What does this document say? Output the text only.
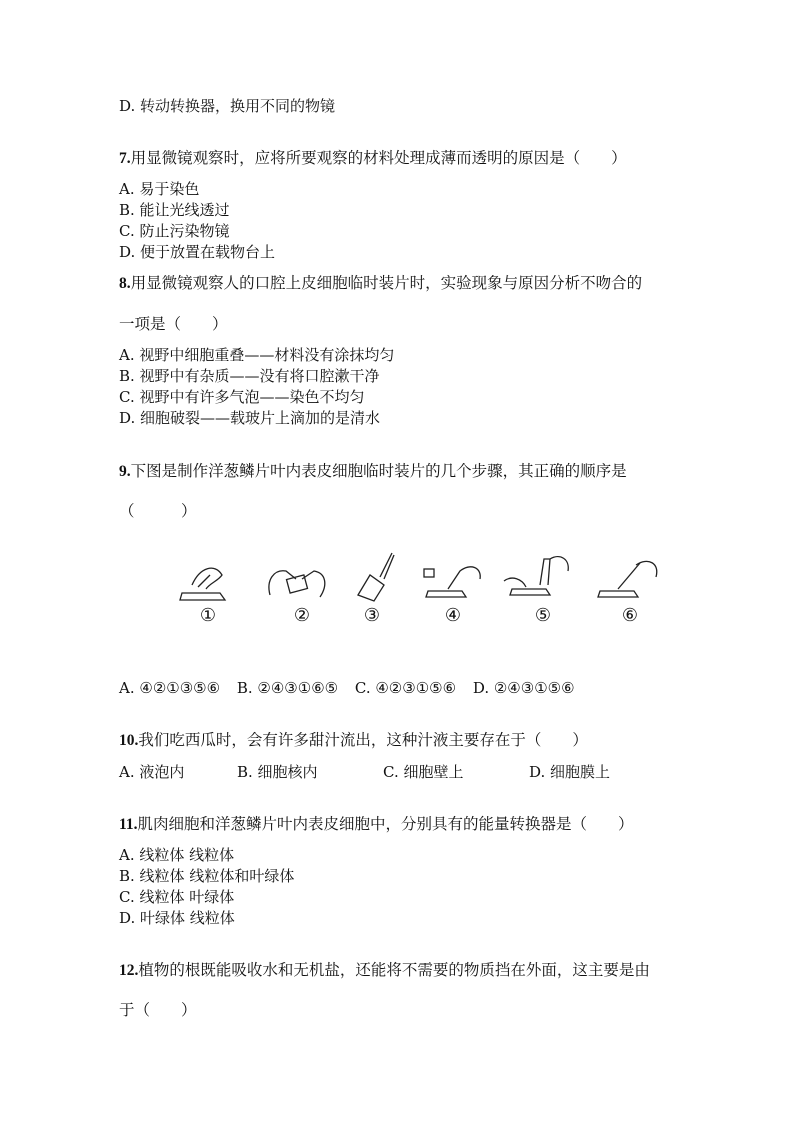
D. 转动转换器，换用不同的物镜
7.用显微镜观察时，应将所要观察的材料处理成薄而透明的原因是（　　）
A. 易于染色
B. 能让光线透过
C. 防止污染物镜
D. 便于放置在载物台上
8.用显微镜观察人的口腔上皮细胞临时装片时，实验现象与原因分析不吻合的
一项是（　　）
A. 视野中细胞重叠——材料没有涂抹均匀
B. 视野中有杂质——没有将口腔漱干净
C. 视野中有许多气泡——染色不均匀
D. 细胞破裂——载玻片上滴加的是清水
9.下图是制作洋葱鳞片叶内表皮细胞临时装片的几个步骤，其正确的顺序是
（　　　）
①	②	③	④	⑤	⑥
A. ④②①③⑤⑥ B. ②④③①⑥⑤ C. ④②③①⑤⑥ D. ②④③①⑤⑥
10.我们吃西瓜时，会有许多甜汁流出，这种汁液主要存在于（　　）
A. 液泡内	B. 细胞核内	C. 细胞壁上	D. 细胞膜上
11.肌肉细胞和洋葱鳞片叶内表皮细胞中，分别具有的能量转换器是（　　）
A. 线粒体 线粒体
B. 线粒体 线粒体和叶绿体
C. 线粒体 叶绿体
D. 叶绿体 线粒体
12.植物的根既能吸收水和无机盐，还能将不需要的物质挡在外面，这主要是由
于（　　）
